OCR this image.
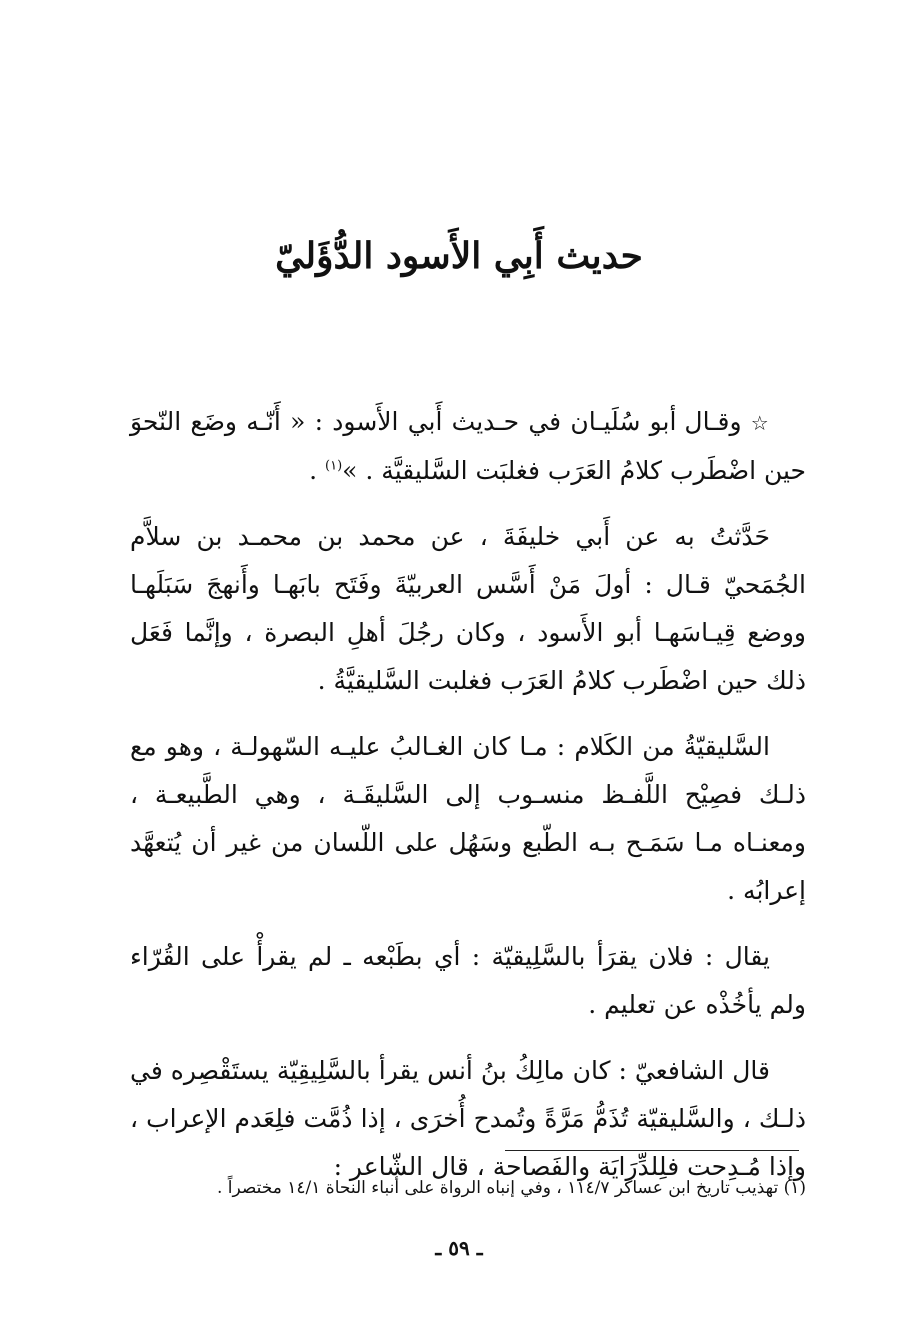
حديث أَبِي الأَسود الدُّؤَليّ

☆ وقـال أبو سُلَيـان في حـديث أَبي الأَسود : « أَنّـه وضَع النّحوَ حين اضْطَرب كلامُ العَرَب فغلبَت السَّليقيَّة . »$^{(١)}$ .

حَدَّثتُ به عن أَبي خليفَةَ ، عن محمد بن محمـد بن سلاَّم الجُمَحيّ قـال : أولَ مَنْ أَسَّس العربيّةَ وفَتَح بابَهـا وأَنهجَ سَبَلَهـا ووضع قِيـاسَهـا أبو الأَسود ، وكان رجُلَ أهلِ البصرة ، وإنَّما فَعَل ذلك حين اضْطَرب كلامُ العَرَب فغلبت السَّليقيَّةُ .

السَّليقيّةُ من الكَلام : مـا كان الغـالبُ عليـه السّهولـة ، وهو مع ذلـك فصِيْح اللَّفـظ منسـوب إلى السَّليقَـة ، وهي الطَّبيعـة ، ومعنـاه مـا سَمَـح بـه الطّبع وسَهُل على اللّسان من غير أن يُتعهَّد إعرابُه .

يقال : فلان يقرَأ بالسَّلِيقيّة : أي بطَبْعه ـ لم يقرأْ على القُرّاء ولم يأخُذْه عن تعليم .

قال الشافعيّ : كان مالِكُ بنُ أنس يقرأ بالسَّلِيقِيّة يستَقْصِره في ذلـك ، والسَّليقيّة تُذَمُّ مَرَّةً وتُمدح أُخرَى ، إذا ذُمَّت فلِعَدم الإعراب ، وإذا مُـدِحت فلِلدِّرَايَة والفَصاحة ، قال الشّاعر :

(١) تهذيب تاريخ ابن عساكر ١١٤/٧ ، وفي إنباه الرواة على أنباء النحاة ١٤/١ مختصراً .

ـ ٥٩ ـ
